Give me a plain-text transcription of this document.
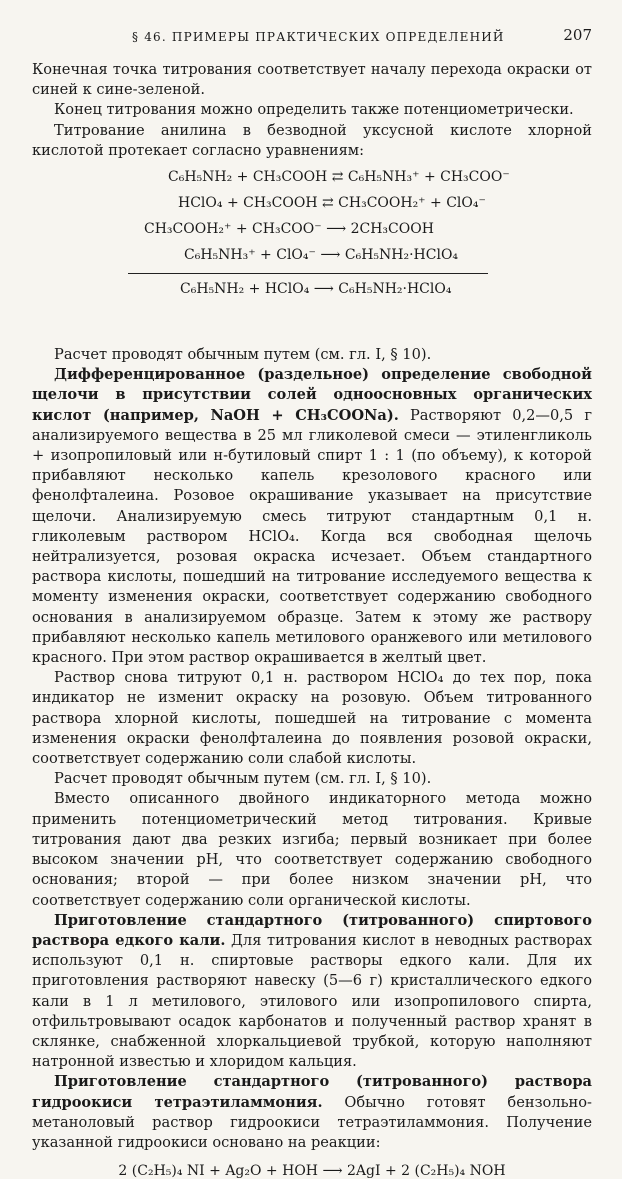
§ 46. ПРИМЕРЫ ПРАКТИЧЕСКИХ ОПРЕДЕЛЕНИЙ	207

Конечная точка титрования соответствует началу перехода окраски от синей к сине-зеленой.

Конец титрования можно определить также потенциометрически.

Титрование анилина в безводной уксусной кислоте хлорной кислотой протекает согласно уравнениям:

C₆H₅NH₂ + CH₃COOH ⇄ C₆H₅NH₃⁺ + CH₃COO⁻
HClO₄ + CH₃COOH ⇄ CH₃COOH₂⁺ + ClO₄⁻
CH₃COOH₂⁺ + CH₃COO⁻ ⟶ 2CH₃COOH
C₆H₅NH₃⁺ + ClO₄⁻ ⟶ C₆H₅NH₂·HClO₄
C₆H₅NH₂ + HClO₄ ⟶ C₆H₅NH₂·HClO₄

Расчет проводят обычным путем (см. гл. I, § 10).

Дифференцированное (раздельное) определение свободной щелочи в присутствии солей одноосновных органических кислот (например, NaOH + CH₃COONa). Растворяют 0,2—0,5 г анализируемого вещества в 25 мл гликолевой смеси — этиленгликоль + изопропиловый или н-бутиловый спирт 1 : 1 (по объему), к которой прибавляют несколько капель крезолового красного или фенолфталеина. Розовое окрашивание указывает на присутствие щелочи. Анализируемую смесь титруют стандартным 0,1 н. гликолевым раствором HClO₄. Когда вся свободная щелочь нейтрализуется, розовая окраска исчезает. Объем стандартного раствора кислоты, пошедший на титрование исследуемого вещества к моменту изменения окраски, соответствует содержанию свободного основания в анализируемом образце. Затем к этому же раствору прибавляют несколько капель метилового оранжевого или метилового красного. При этом раствор окрашивается в желтый цвет.

Раствор снова титруют 0,1 н. раствором HClO₄ до тех пор, пока индикатор не изменит окраску на розовую. Объем титрованного раствора хлорной кислоты, пошедшей на титрование с момента изменения окраски фенолфталеина до появления розовой окраски, соответствует содержанию соли слабой кислоты.

Расчет проводят обычным путем (см. гл. I, § 10).

Вместо описанного двойного индикаторного метода можно применить потенциометрический метод титрования. Кривые титрования дают два резких изгиба; первый возникает при более высоком значении pH, что соответствует содержанию свободного основания; второй — при более низком значении pH, что соответствует содержанию соли органической кислоты.

Приготовление стандартного (титрованного) спиртового раствора едкого кали. Для титрования кислот в неводных растворах используют 0,1 н. спиртовые растворы едкого кали. Для их приготовления растворяют навеску (5—6 г) кристаллического едкого кали в 1 л метилового, этилового или изопропилового спирта, отфильтровывают осадок карбонатов и полученный раствор хранят в склянке, снабженной хлоркальциевой трубкой, которую наполняют натронной известью и хлоридом кальция.

Приготовление стандартного (титрованного) раствора гидроокиси тетраэтиламмония. Обычно готовят бензольно-метаноловый раствор гидроокиси тетраэтиламмония. Получение указанной гидроокиси основано на реакции:

2 (C₂H₅)₄ NI + Ag₂O + HOH ⟶ 2AgI + 2 (C₂H₅)₄ NOH
